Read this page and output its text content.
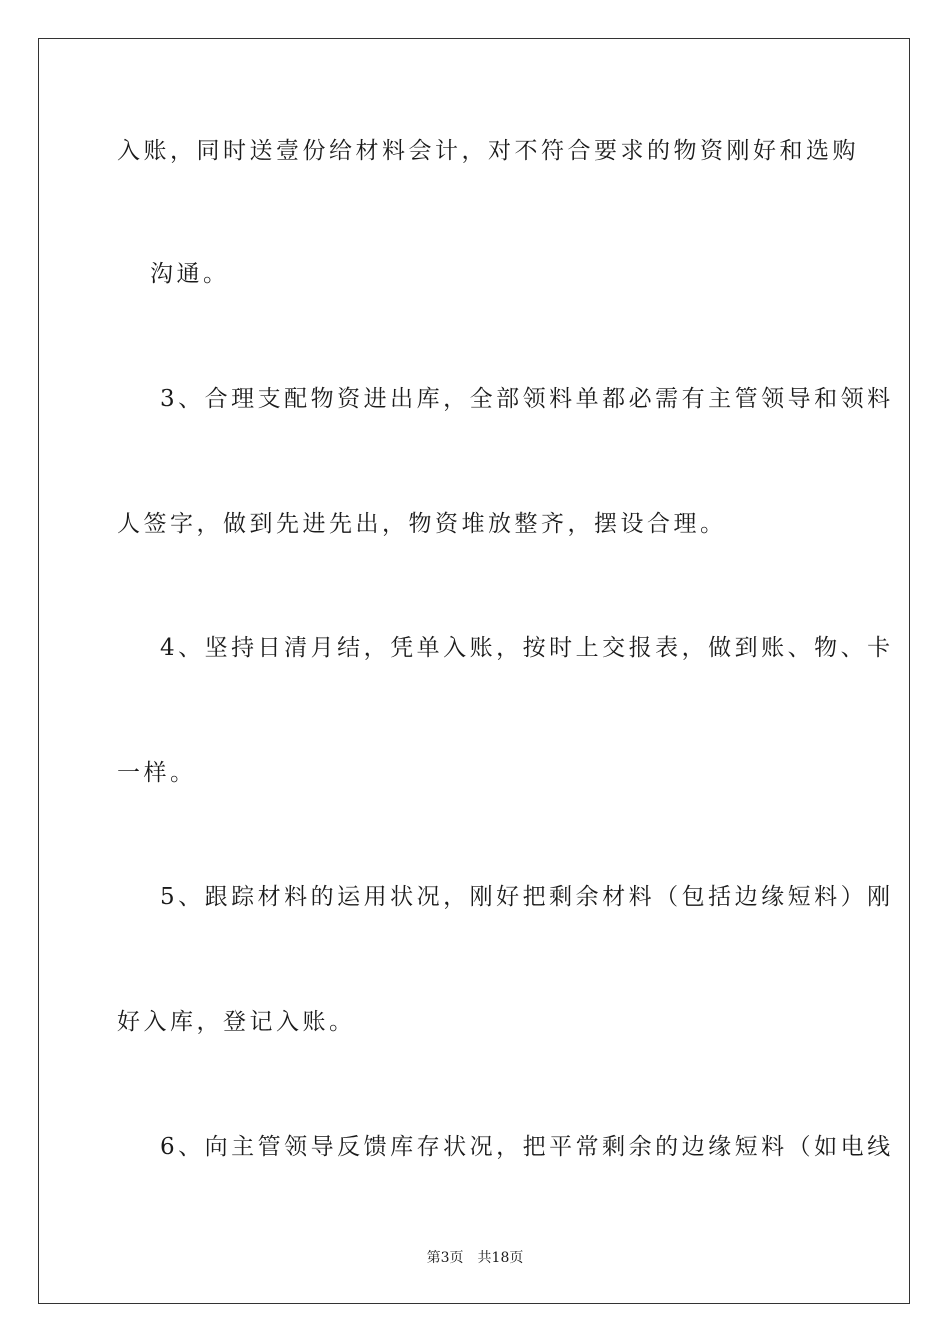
入账，同时送壹份给材料会计，对不符合要求的物资刚好和选购
沟通。
3、合理支配物资进出库，全部领料单都必需有主管领导和领料
人签字，做到先进先出，物资堆放整齐，摆设合理。
4、坚持日清月结，凭单入账，按时上交报表，做到账、物、卡
一样。
5、跟踪材料的运用状况，刚好把剩余材料（包括边缘短料）刚
好入库，登记入账。
6、向主管领导反馈库存状况，把平常剩余的边缘短料（如电线
第3页 共18页
